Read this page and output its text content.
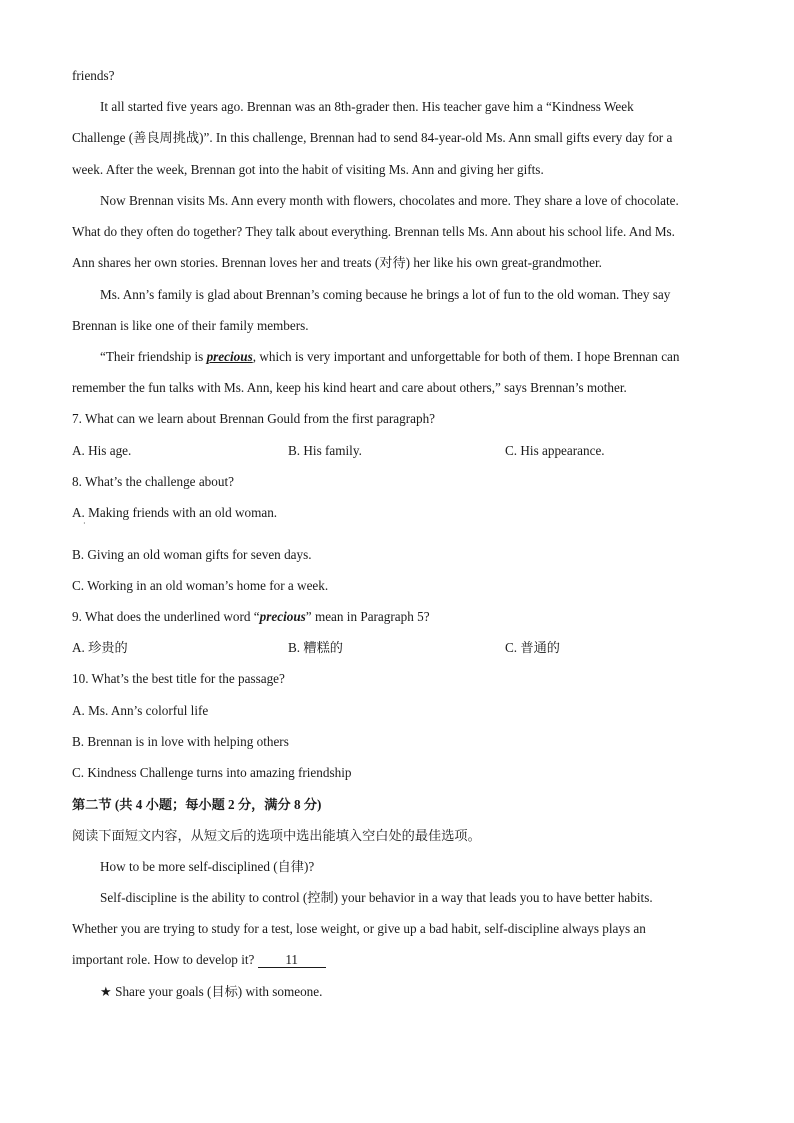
friends?
It all started five years ago. Brennan was an 8th-grader then. His teacher gave him a “Kindness Week
Challenge (善良周挑战)”. In this challenge, Brennan had to send 84-year-old Ms. Ann small gifts every day for a
week. After the week, Brennan got into the habit of visiting Ms. Ann and giving her gifts.
Now Brennan visits Ms. Ann every month with flowers, chocolates and more. They share a love of chocolate.
What do they often do together? They talk about everything. Brennan tells Ms. Ann about his school life. And Ms.
Ann shares her own stories. Brennan loves her and treats (对待) her like his own great-grandmother.
Ms. Ann’s family is glad about Brennan’s coming because he brings a lot of fun to the old woman. They say
Brennan is like one of their family members.
“Their friendship is precious, which is very important and unforgettable for both of them. I hope Brennan can
remember the fun talks with Ms. Ann, keep his kind heart and care about others,” says Brennan’s mother.
7. What can we learn about Brennan Gould from the first paragraph?
A. His age.	B. His family.	C. His appearance.
8. What’s the challenge about?
A. Making friends with an old woman.
·
B. Giving an old woman gifts for seven days.
C. Working in an old woman’s home for a week.
9. What does the underlined word “precious” mean in Paragraph 5?
A. 珍贵的	B. 糟糕的	C. 普通的
10. What’s the best title for the passage?
A. Ms. Ann’s colorful life
B. Brennan is in love with helping others
C. Kindness Challenge turns into amazing friendship
第二节 (共 4 小题；每小题 2 分，满分 8 分)
阅读下面短文内容，从短文后的选项中选出能填入空白处的最佳选项。
How to be more self-disciplined (自律)?
Self-discipline is the ability to control (控制) your behavior in a way that leads you to have better habits.
Whether you are trying to study for a test, lose weight, or give up a bad habit, self-discipline always plays an
important role. How to develop it? 11
★ Share your goals (目标) with someone.
